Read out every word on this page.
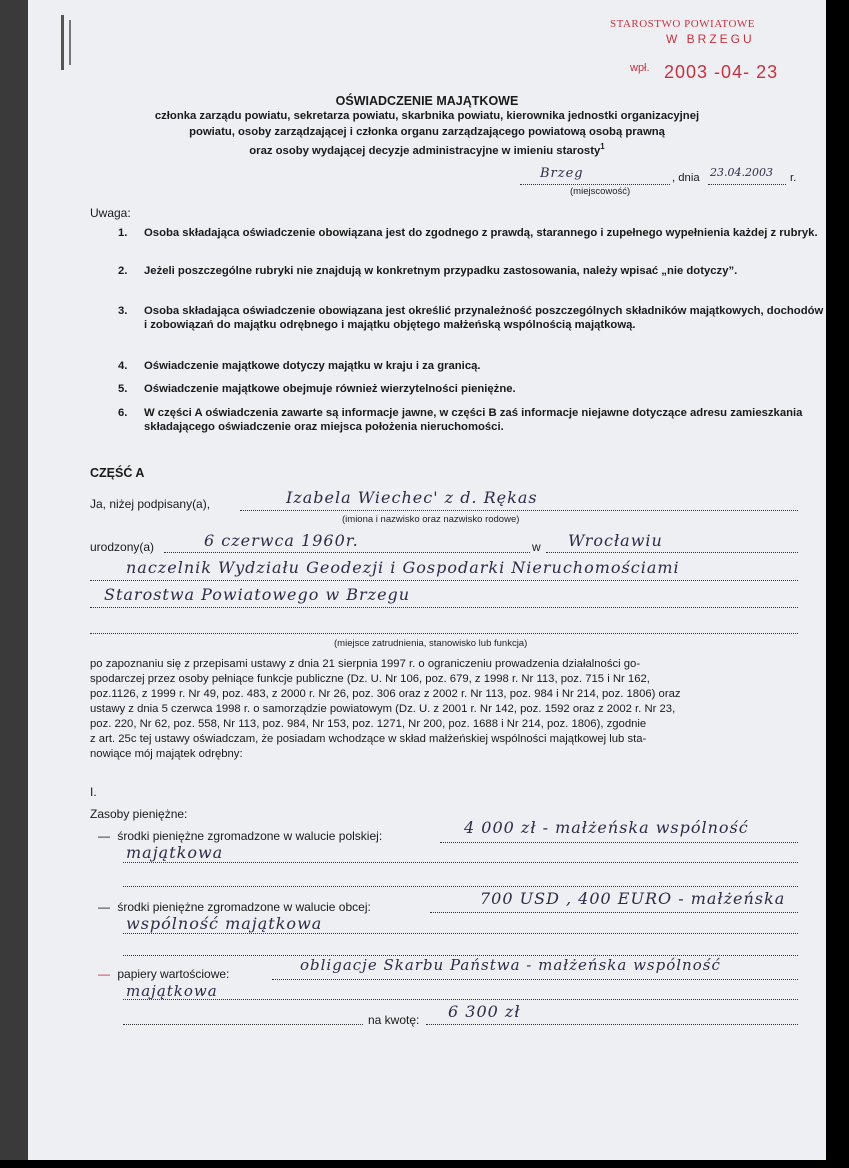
STAROSTWO POWIATOWE
W BRZEGU
$^{wpł.}$ 2003 -04- 23
OŚWIADCZENIE MAJĄTKOWE
członka zarządu powiatu, sekretarza powiatu, skarbnika powiatu, kierownika jednostki organizacyjnej
powiatu, osoby zarządzającej i członka organu zarządzającego powiatową osobą prawną
oraz osoby wydającej decyzje administracyjne w imieniu starosty$^1$
Brzeg	, dnia 23.04.2003 r.
(miejscowość)
Uwaga:
1.	Osoba składająca oświadczenie obowiązana jest do zgodnego z prawdą, starannego i zupełnego wypełnienia każdej z rubryk.
2.	Jeżeli poszczególne rubryki nie znajdują w konkretnym przypadku zastosowania, należy wpisać „nie dotyczy”.
3.	Osoba składająca oświadczenie obowiązana jest określić przynależność poszczególnych składników majątkowych, dochodów i zobowiązań do majątku odrębnego i majątku objętego małżeńską wspólnością majątkową.
4.	Oświadczenie majątkowe dotyczy majątku w kraju i za granicą.
5.	Oświadczenie majątkowe obejmuje również wierzytelności pieniężne.
6.	W części A oświadczenia zawarte są informacje jawne, w części B zaś informacje niejawne dotyczące adresu zamieszkania składającego oświadczenie oraz miejsca położenia nieruchomości.
CZĘŚĆ A
Ja, niżej podpisany(a),	Izabela Wiechec' z d. Rękas
(imiona i nazwisko oraz nazwisko rodowe)
urodzony(a)	6 czerwca 1960r.	w Wrocławiu
naczelnik Wydziału Geodezji i Gospodarki Nieruchomościami
Starostwa Powiatowego w Brzegu
(miejsce zatrudnienia, stanowisko lub funkcja)
po zapoznaniu się z przepisami ustawy z dnia 21 sierpnia 1997 r. o ograniczeniu prowadzenia działalności go-
spodarczej przez osoby pełniące funkcje publiczne (Dz. U. Nr 106, poz. 679, z 1998 r. Nr 113, poz. 715 i Nr 162,
poz.1126, z 1999 r. Nr 49, poz. 483, z 2000 r. Nr 26, poz. 306 oraz z 2002 r. Nr 113, poz. 984 i Nr 214, poz. 1806) oraz
ustawy z dnia 5 czerwca 1998 r. o samorządzie powiatowym (Dz. U. z 2001 r. Nr 142, poz. 1592 oraz z 2002 r. Nr 23,
poz. 220, Nr 62, poz. 558, Nr 113, poz. 984, Nr 153, poz. 1271, Nr 200, poz. 1688 i Nr 214, poz. 1806), zgodnie
z art. 25c tej ustawy oświadczam, że posiadam wchodzące w skład małżeńskiej wspólności majątkowej lub sta-
nowiące mój majątek odrębny:
I.
Zasoby pieniężne:
— środki pieniężne zgromadzone w walucie polskiej:	4 000 zł - małżeńska wspólność
majątkowa
— środki pieniężne zgromadzone w walucie obcej:	700 USD , 400 EURO - małżeńska
wspólność majątkowa
— papiery wartościowe:	obligacje Skarbu Państwa - małżeńska wspólność
majątkowa
na kwotę: 6 300 zł
